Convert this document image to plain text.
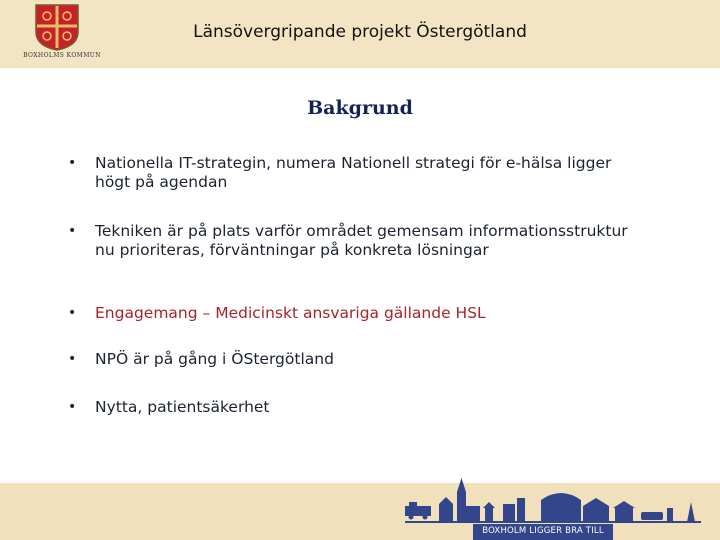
BOXHOLMS KOMMUN
Länsövergripande projekt Östergötland
Bakgrund
• Nationella IT-strategin, numera Nationell strategi för e-hälsa ligger högt på agendan
• Tekniken är på plats varför området gemensam informationsstruktur nu prioriteras, förväntningar på konkreta lösningar
• Engagemang – Medicinskt ansvariga gällande HSL
• NPÖ är på gång i ÖStergötland
• Nytta, patientsäkerhet
BOXHOLM LIGGER BRA TILL
